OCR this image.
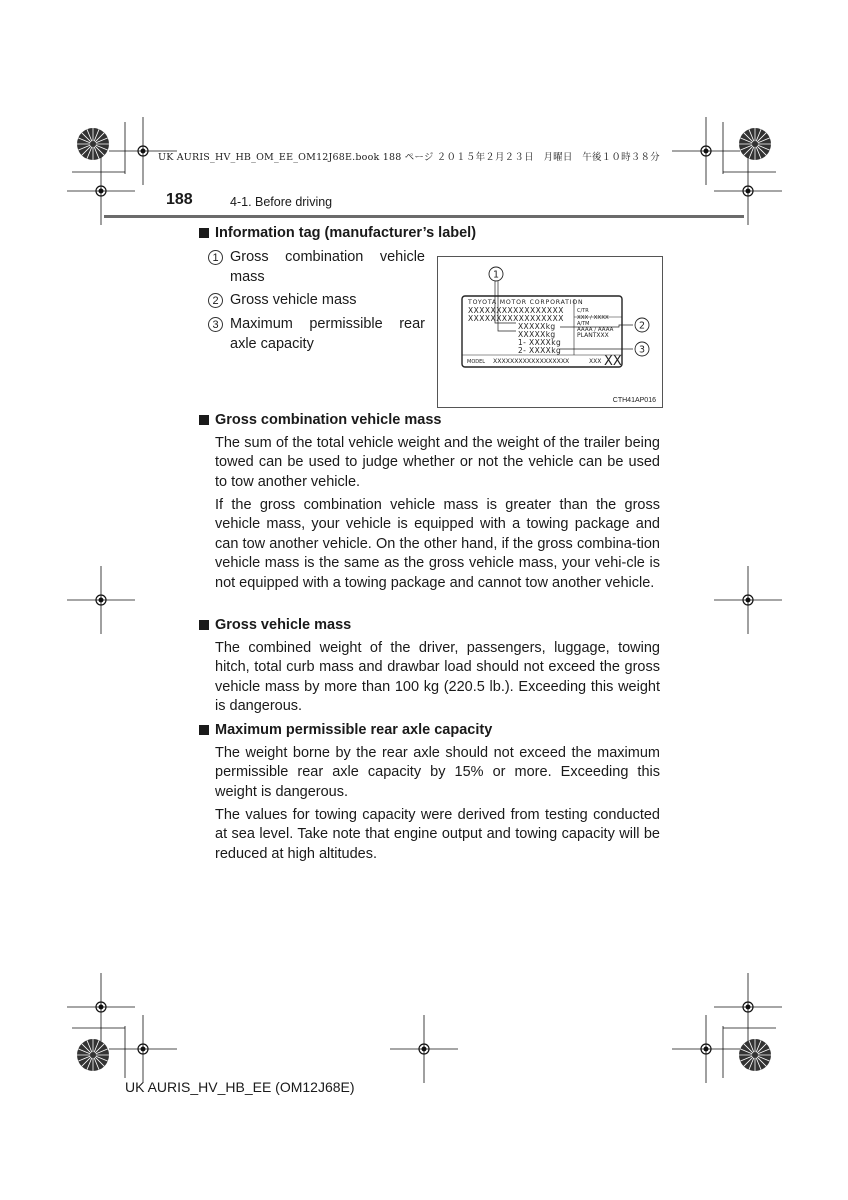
UK AURIS_HV_HB_OM_EE_OM12J68E.book 188 ページ ２０１５年２月２３日　月曜日　午後１０時３８分
188	4-1. Before driving
Information tag (manufacturer’s label)
1 Gross combination vehicle mass
2 Gross vehicle mass
3 Maximum permissible rear axle capacity
TOYOTA MOTOR CORPORATION
XXXXXXXXXXXXXXXXX
XXXXXXXXXXXXXXXXX
XXXXXkg
XXXXXkg
1- XXXXkg
2- XXXXkg
C/TR
XXX / XXXX
A/TM
AAAA / AAAA
PLANTXXX
MODEL XXXXXXXXXXXXXXXXXX	XXX XX
1
2
3
CTH41AP016
Gross combination vehicle mass

The sum of the total vehicle weight and the weight of the trailer being towed can be used to judge whether or not the vehicle can be used to tow another vehicle.

If the gross combination vehicle mass is greater than the gross vehicle mass, your vehicle is equipped with a towing package and can tow another vehicle. On the other hand, if the gross combina-tion vehicle mass is the same as the gross vehicle mass, your vehi-cle is not equipped with a towing package and cannot tow another vehicle.

Gross vehicle mass

The combined weight of the driver, passengers, luggage, towing hitch, total curb mass and drawbar load should not exceed the gross vehicle mass by more than 100 kg (220.5 lb.). Exceeding this weight is dangerous.

Maximum permissible rear axle capacity

The weight borne by the rear axle should not exceed the maximum permissible rear axle capacity by 15% or more. Exceeding this weight is dangerous.

The values for towing capacity were derived from testing conducted at sea level. Take note that engine output and towing capacity will be reduced at high altitudes.

UK AURIS_HV_HB_EE (OM12J68E)
